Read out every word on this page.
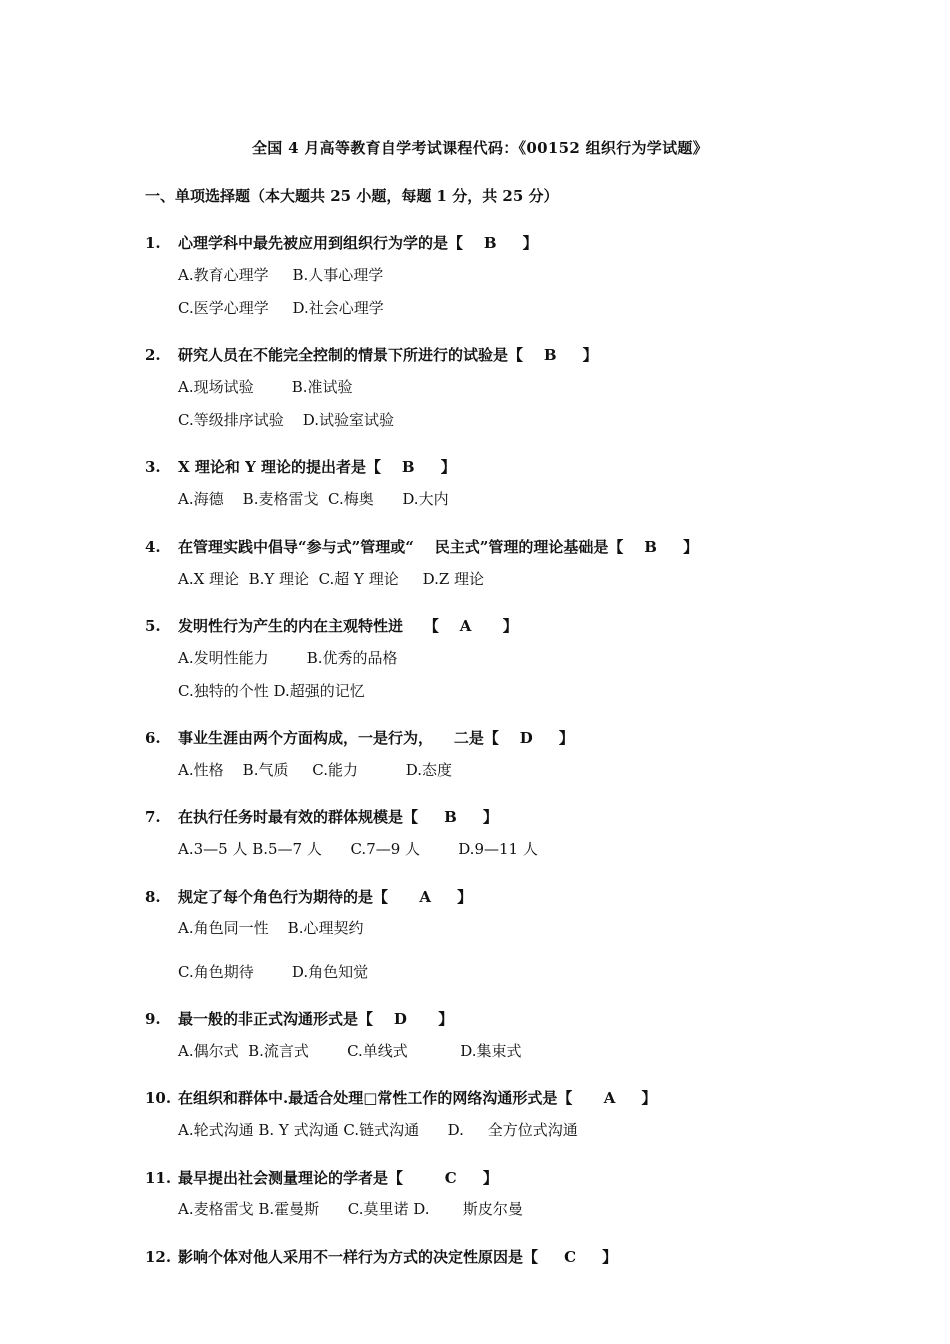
全国 4 月高等教育自学考试课程代码：《00152 组织行为学试题》
一、单项选择题（本大题共 25 小题，每题 1 分，共 25 分）
1. 心理学科中最先被应用到组织行为学的是【    B     】
A.教育心理学     B.人事心理学
C.医学心理学     D.社会心理学
2. 研究人员在不能完全控制的情景下所进行的试验是【    B     】
A.现场试验        B.准试验
C.等级排序试验    D.试验室试验
3. X 理论和 Y 理论的提出者是【    B     】
A.海德    B.麦格雷戈  C.梅奥      D.大内
4. 在管理实践中倡导“参与式”管理或“    民主式”管理的理论基础是【    B     】
A.X 理论  B.Y 理论  C.超 Y 理论     D.Z 理论
5. 发明性行为产生的内在主观特性迸    【    A      】
A.发明性能力        B.优秀的品格
C.独特的个性 D.超强的记忆
6. 事业生涯由两个方面构成，一是行为，    二是【    D     】
A.性格    B.气质     C.能力          D.态度
7. 在执行任务时最有效的群体规模是【     B     】
A.3—5 人 B.5—7 人      C.7—9 人        D.9—11 人
8. 规定了每个角色行为期待的是【      A     】
A.角色同一性    B.心理契约
C.角色期待        D.角色知觉
9. 最一般的非正式沟通形式是【    D      】
A.偶尔式  B.流言式        C.单线式           D.集束式
10. 在组织和群体中.最适合处理□常性工作的网络沟通形式是【      A     】
A.轮式沟通 B. Y 式沟通 C.链式沟通      D.     全方位式沟通
11. 最早提出社会测量理论的学者是【        C     】
A.麦格雷戈 B.霍曼斯      C.莫里诺 D.       斯皮尔曼
12. 影响个体对他人采用不一样行为方式的决定性原因是【     C     】
